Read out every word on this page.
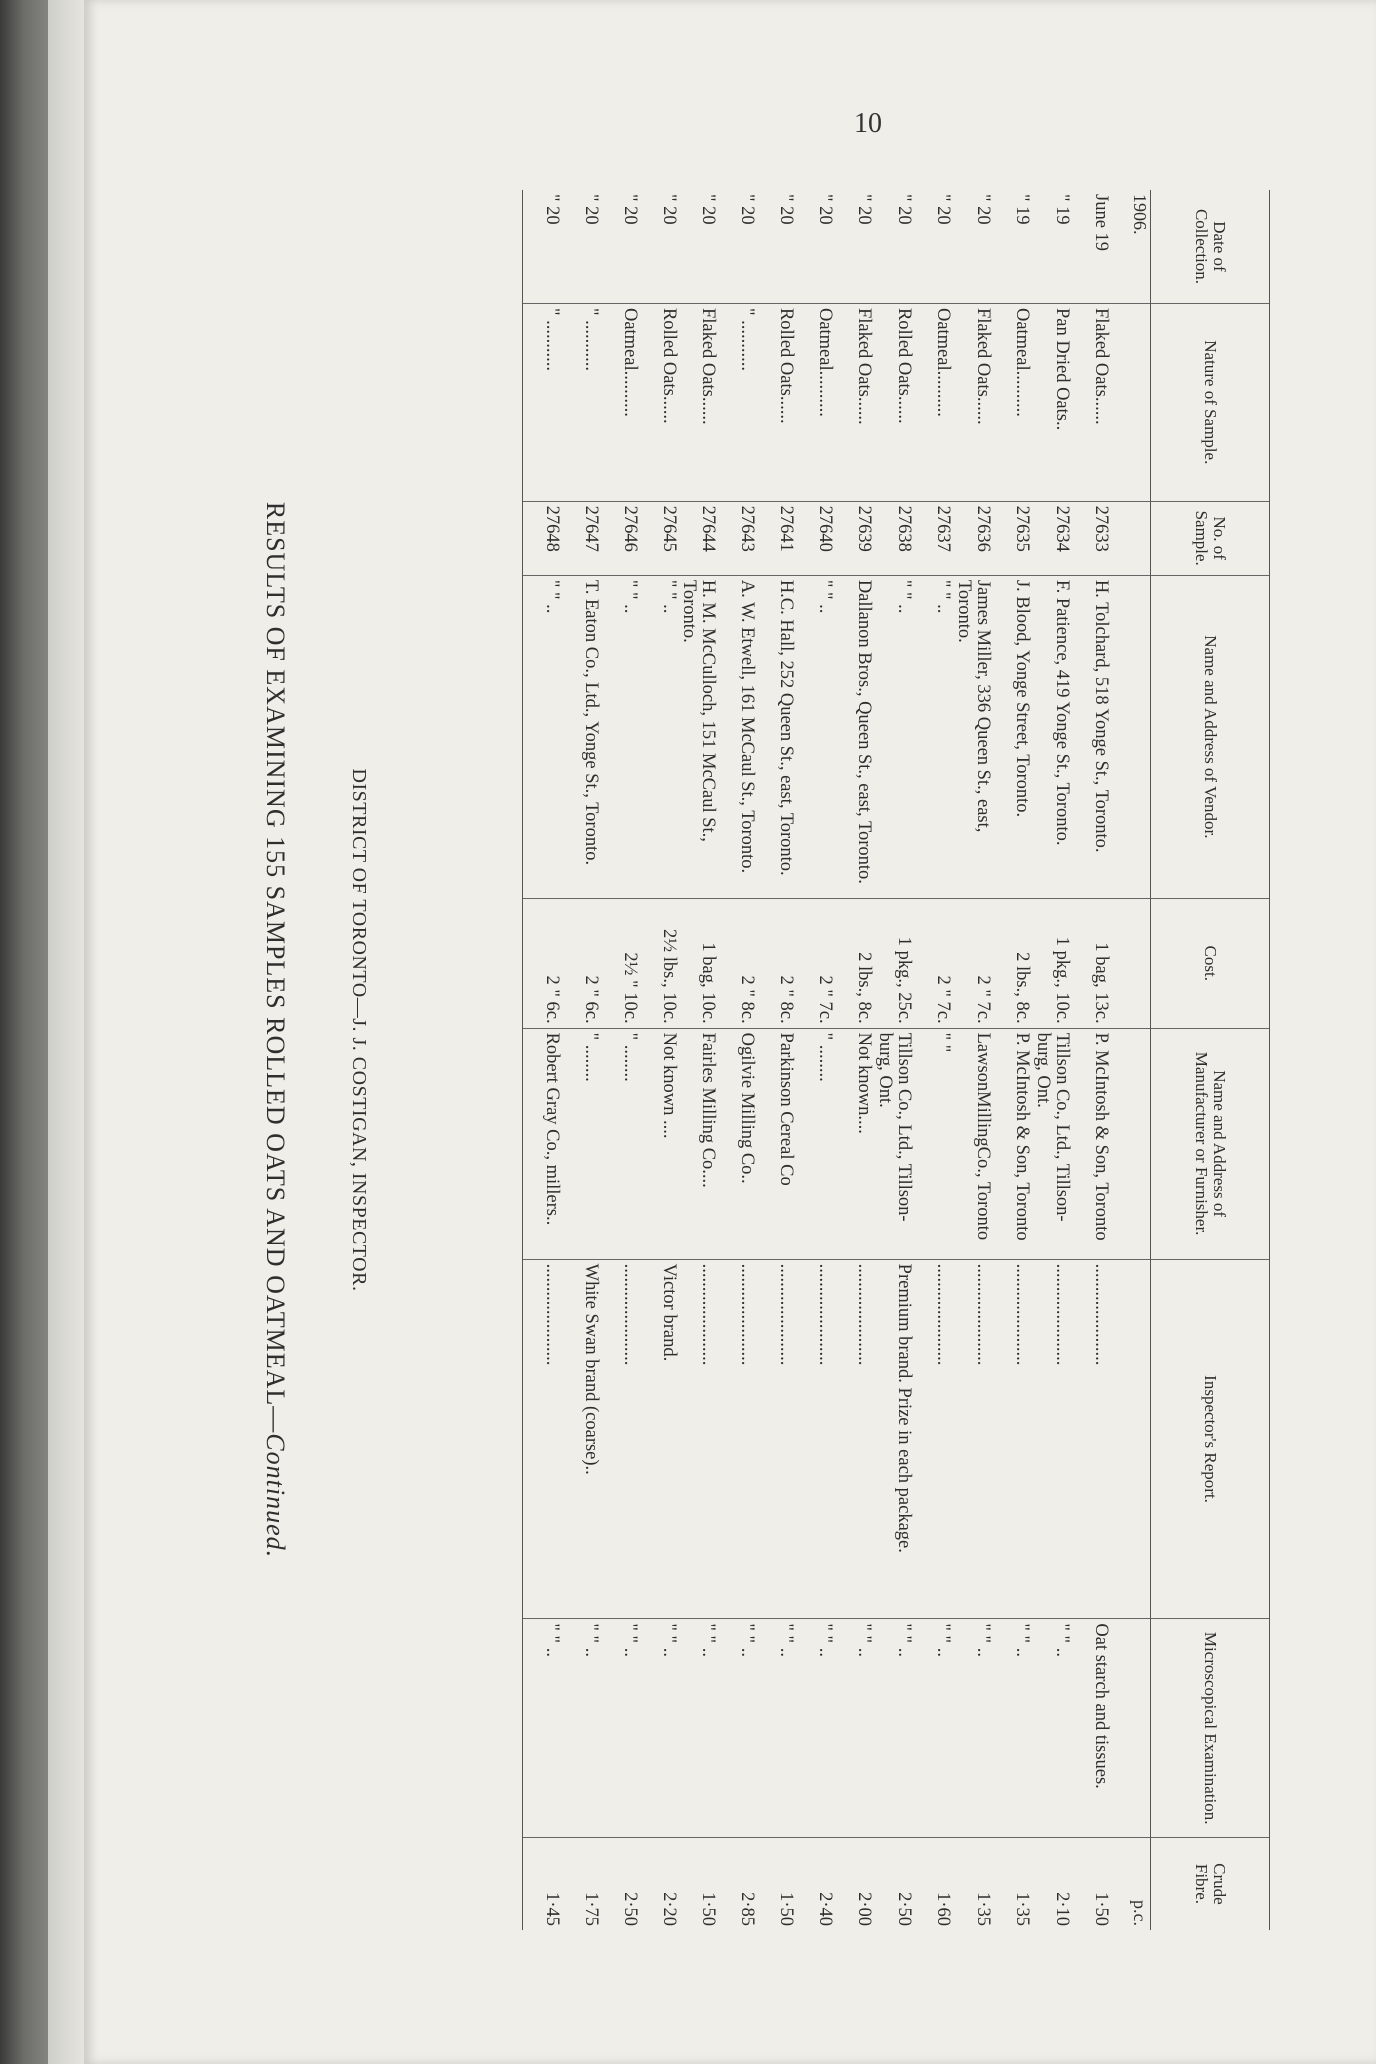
10
RESULTS OF EXAMINING 155 SAMPLES ROLLED OATS AND OATMEAL—Continued.
DISTRICT OF TORONTO—J. J. COSTIGAN, INSPECTOR.
Date of Collection.	Nature of Sample.	No. of Sample.	Name and Address of Vendor.	Cost.	Name and Address of Manufacturer or Furnisher.	Inspector's Report.	Microscopical Examination.	Crude Fibre.
1906.								p.c.
June 19	Flaked Oats......	27633	H. Tolchard, 518 Yonge St., Toronto.	1 bag, 13c.	P. McIntosh & Son, Toronto	......................	Oat starch and tissues.	1·50
" 19	Pan Dried Oats..	27634	F. Patience, 419 Yonge St., Toronto.	1 pkg., 10c.	Tillson Co., Ltd., Tillson-burg, Ont.	......................	" " ..	2·10
" 19	Oatmeal..........	27635	J. Blood, Yonge Street, Toronto.	2 lbs., 8c.	P. McIntosh & Son, Toronto	......................	" " ..	1·35
" 20	Flaked Oats......	27636	James Miller, 336 Queen St., east, Toronto.	2 " 7c.	LawsonMillingCo., Toronto	......................	" " ..	1·35
" 20	Oatmeal..........	27637	" " ..	2 " 7c.	" "	......................	" " ..	1·60
" 20	Rolled Oats......	27638	" " ..	1 pkg., 25c.	Tillson Co., Ltd., Tillson-burg, Ont.	Premium brand. Prize in each package.	" " ..	2·50
" 20	Flaked Oats......	27639	Dallanon Bros., Queen St., east, Toronto.	2 lbs., 8c.	Not known....	......................	" " ..	2·00
" 20	Oatmeal..........	27640	" " ..	2 " 7c.	" ........	......................	" " ..	2·40
" 20	Rolled Oats......	27641	H.C. Hall, 252 Queen St., east, Toronto.	2 " 8c.	Parkinson Cereal Co	......................	" " ..	1·50
" 20	" ...........	27643	A. W. Etwell, 161 McCaul St., Toronto.	2 " 8c.	Ogilvie Milling Co..	......................	" " ..	2·85
" 20	Flaked Oats......	27644	H. M. McCulloch, 151 McCaul St., Toronto.	1 bag, 10c.	Fairles Milling Co....	......................	" " ..	1·50
" 20	Rolled Oats......	27645	" " ..	2½ lbs., 10c.	Not known ....	Victor brand.	" " ..	2·20
" 20	Oatmeal..........	27646	" " ..	2½ " 10c.	" ........	......................	" " ..	2·50
" 20	" ...........	27647	T. Eaton Co., Ltd., Yonge St., Toronto.	2 " 6c.	" ........	White Swan brand (coarse)..	" " ..	1·75
" 20	" ...........	27648	" " ..	2 " 6c.	Robert Gray Co., millers..	......................	" " ..	1·45
